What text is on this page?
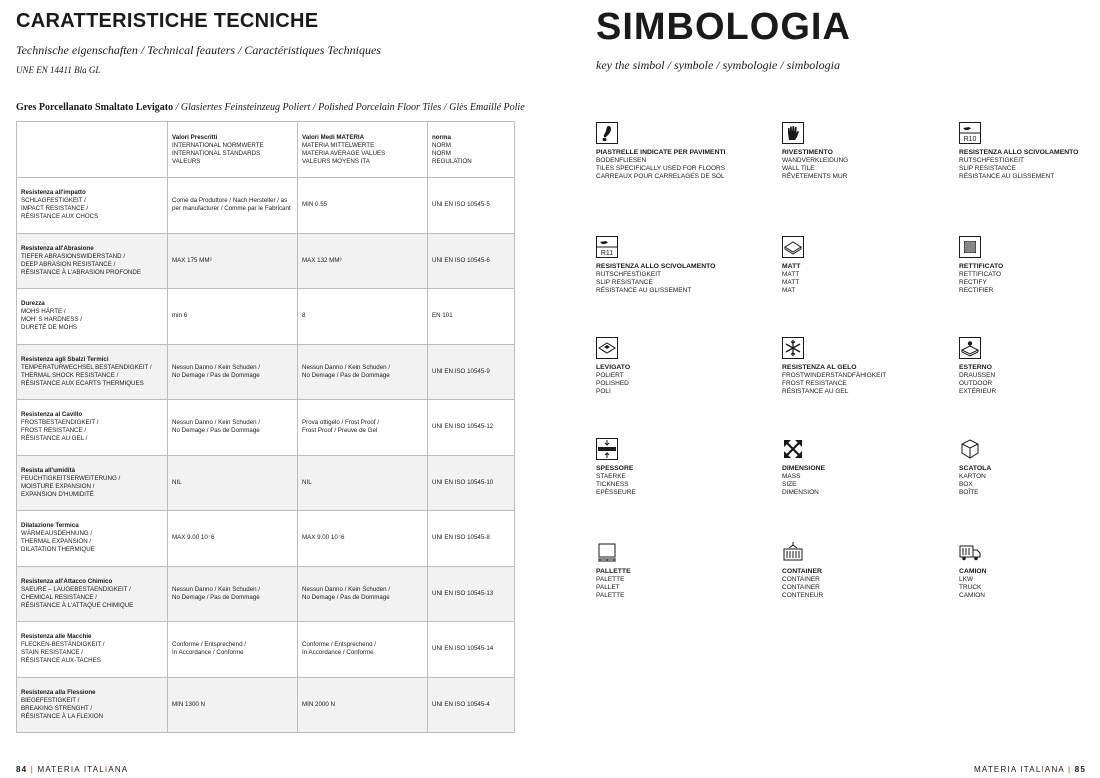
CARATTERISTICHE TECNICHE
Technische eigenschaften / Technical feauters / Caractéristiques Techniques
UNE EN 14411 Bla GL
Gres Porcellanato Smaltato Levigato / Glasiertes Feinsteinzeug Poliert / Polished Porcelain Floor Tiles / Glès Emaillé Polie

	Valori Prescritti
INTERNATIONAL NORMWERTE
INTERNATIONAL STANDARDS
VALEURS	Valori Medi MATERIA
MATERIA MITTELWERTE
MATERIA AVERAGE VALUES
VALEURS MOYENS ITA	norma
NORM
NORM
REGULATION

Resistenza all'impatto
SCHLAGFESTIGKEIT /
IMPACT RESISTANCE /
RÉSISTANCE AUX CHOCS	Come da Produttore / Nach Hersteller / as
per manufacturer / Comme par le Fabricant	MIN 0.55	UNI EN ISO 10545-5

Resistenza all'Abrasione
TIEFER ABRASIONSWIDERSTAND /
DEEP ABRASION RESISTANCE /
RÉSISTANCE À L'ABRASION PROFONDE	MAX 175 MM³	MAX 132 MM³	UNI EN ISO 10545-6

Durezza
MOHS HÄRTE /
MOH' S HARDNESS /
DURETÉ DE MOHS	min 6	8	EN 101

Resistenza agli Sbalzi Termici
TEMPERATURWECHSEL BESTAENDIGKEIT /
THERMAL SHOCK RESISTANCE /
RÉSISTANCE AUX ECARTS THERMIQUES	Nessun Danno / Kein Schuden /
No Demage / Pas de Dommage	Nessun Danno / Kein Schuden /
No Demage / Pas de Dommage	UNI EN ISO 10545-9

Resistenza al Cavillo
FROSTBESTAENDIGKEIT /
FROST RESISTANCE /
RÉSISTANCE AU GEL /	Nessun Danno / Kein Schuden /
No Demage / Pas de Dommage	Prova ottigelo / Frost Proof /
Frost Proof / Preuve de Gel	UNI EN ISO 10545-12

Resista all'umidità
FEUCHTIGKEITSERWEITERUNG /
MOISTURE EXPANSION /
EXPANSION D'HUMIDITÉ	NIL	NIL	UNI EN ISO 10545-10

Dilatazione Termica
WÄRMEAUSDEHNUNG /
THERMAL EXPANSION /
DILATATION THERMIQUE	MAX 9.00 10⁻6	MAX 9.00 10⁻6	UNI EN ISO 10545-8

Resistenza all'Attacco Chimico
SAEURE – LAUGEBESTAENDIGKEIT /
CHEMICAL RESISTANCE /
RÉSISTANCE À L'ATTAQUE CHIMIQUE	Nessun Danno / Kein Schuden /
No Demage / Pas de Dommage	Nessun Danno / Kein Schuden /
No Demage / Pas de Dommage	UNI EN ISO 10545-13

Resistenza alle Macchie
FLECKEN-BESTÄNDIGKEIT /
STAIN RESISTANCE /
RÉSISTANCE AUX-TACHES	Conforme / Entsprechend /
In Accordance / Conforme	Conforme / Entsprechend /
In Accordance / Conforme	UNI EN ISO 10545-14

Resistenza alla Flessione
BIEGEFESTIGKEIT /
BREAKING STRENGHT /
RÉSISTANCE À LA FLEXION	MIN 1300 N	MIN 2000 N	UNI EN ISO 10545-4
SIMBOLOGIA
key the simbol / symbole / symbologie / simbologia
PIASTRELLE INDICATE PER PAVIMENTI
BODENFLIESEN
TILES SPECIFICALLY USED FOR FLOORS
CARREAUX POUR CARRELAGES DE SOL
RIVESTIMENTO
WANDVERKLEIDUNG
WALL TILE
RÊVETEMENTS MUR
R10
RESISTENZA ALLO SCIVOLAMENTO
RUTSCHFESTIGKEIT
SLIP RESISTANCE
RÉSISTANCE AU GLISSEMENT
R11
RESISTENZA ALLO SCIVOLAMENTO
RUTSCHFESTIGKEIT
SLIP RESISTANCE
RÉSISTANCE AU GLISSEMENT
MATT
MATT
MATT
MAT
RETTIFICATO
RETTIFICATO
RECTIFY
RECTIFIER
LEVIGATO
POLIERT
POLISHED
POLI
RESISTENZA AL GELO
FROSTWINDERSTANDFÄHIGKEIT
FROST RESISTANCE
RÉSISTANCE AU GEL
ESTERNO
DRAUSSEN
OUTDOOR
EXTÉRIEUR
SPESSORE
STAERKE
TICKNESS
EPÈSSEURE
DIMENSIONE
MASS
SIZE
DIMENSION
SCATOLA
KARTON
BOX
BOÎTE
PALLETTE
PALETTE
PALLET
PALETTE
CONTAINER
CONTAINER
CONTAINER
CONTENEUR
CAMION
LKW
TRUCK
CAMION
84 | MATERIA ITALIANA	MATERIA ITALIANA | 85
